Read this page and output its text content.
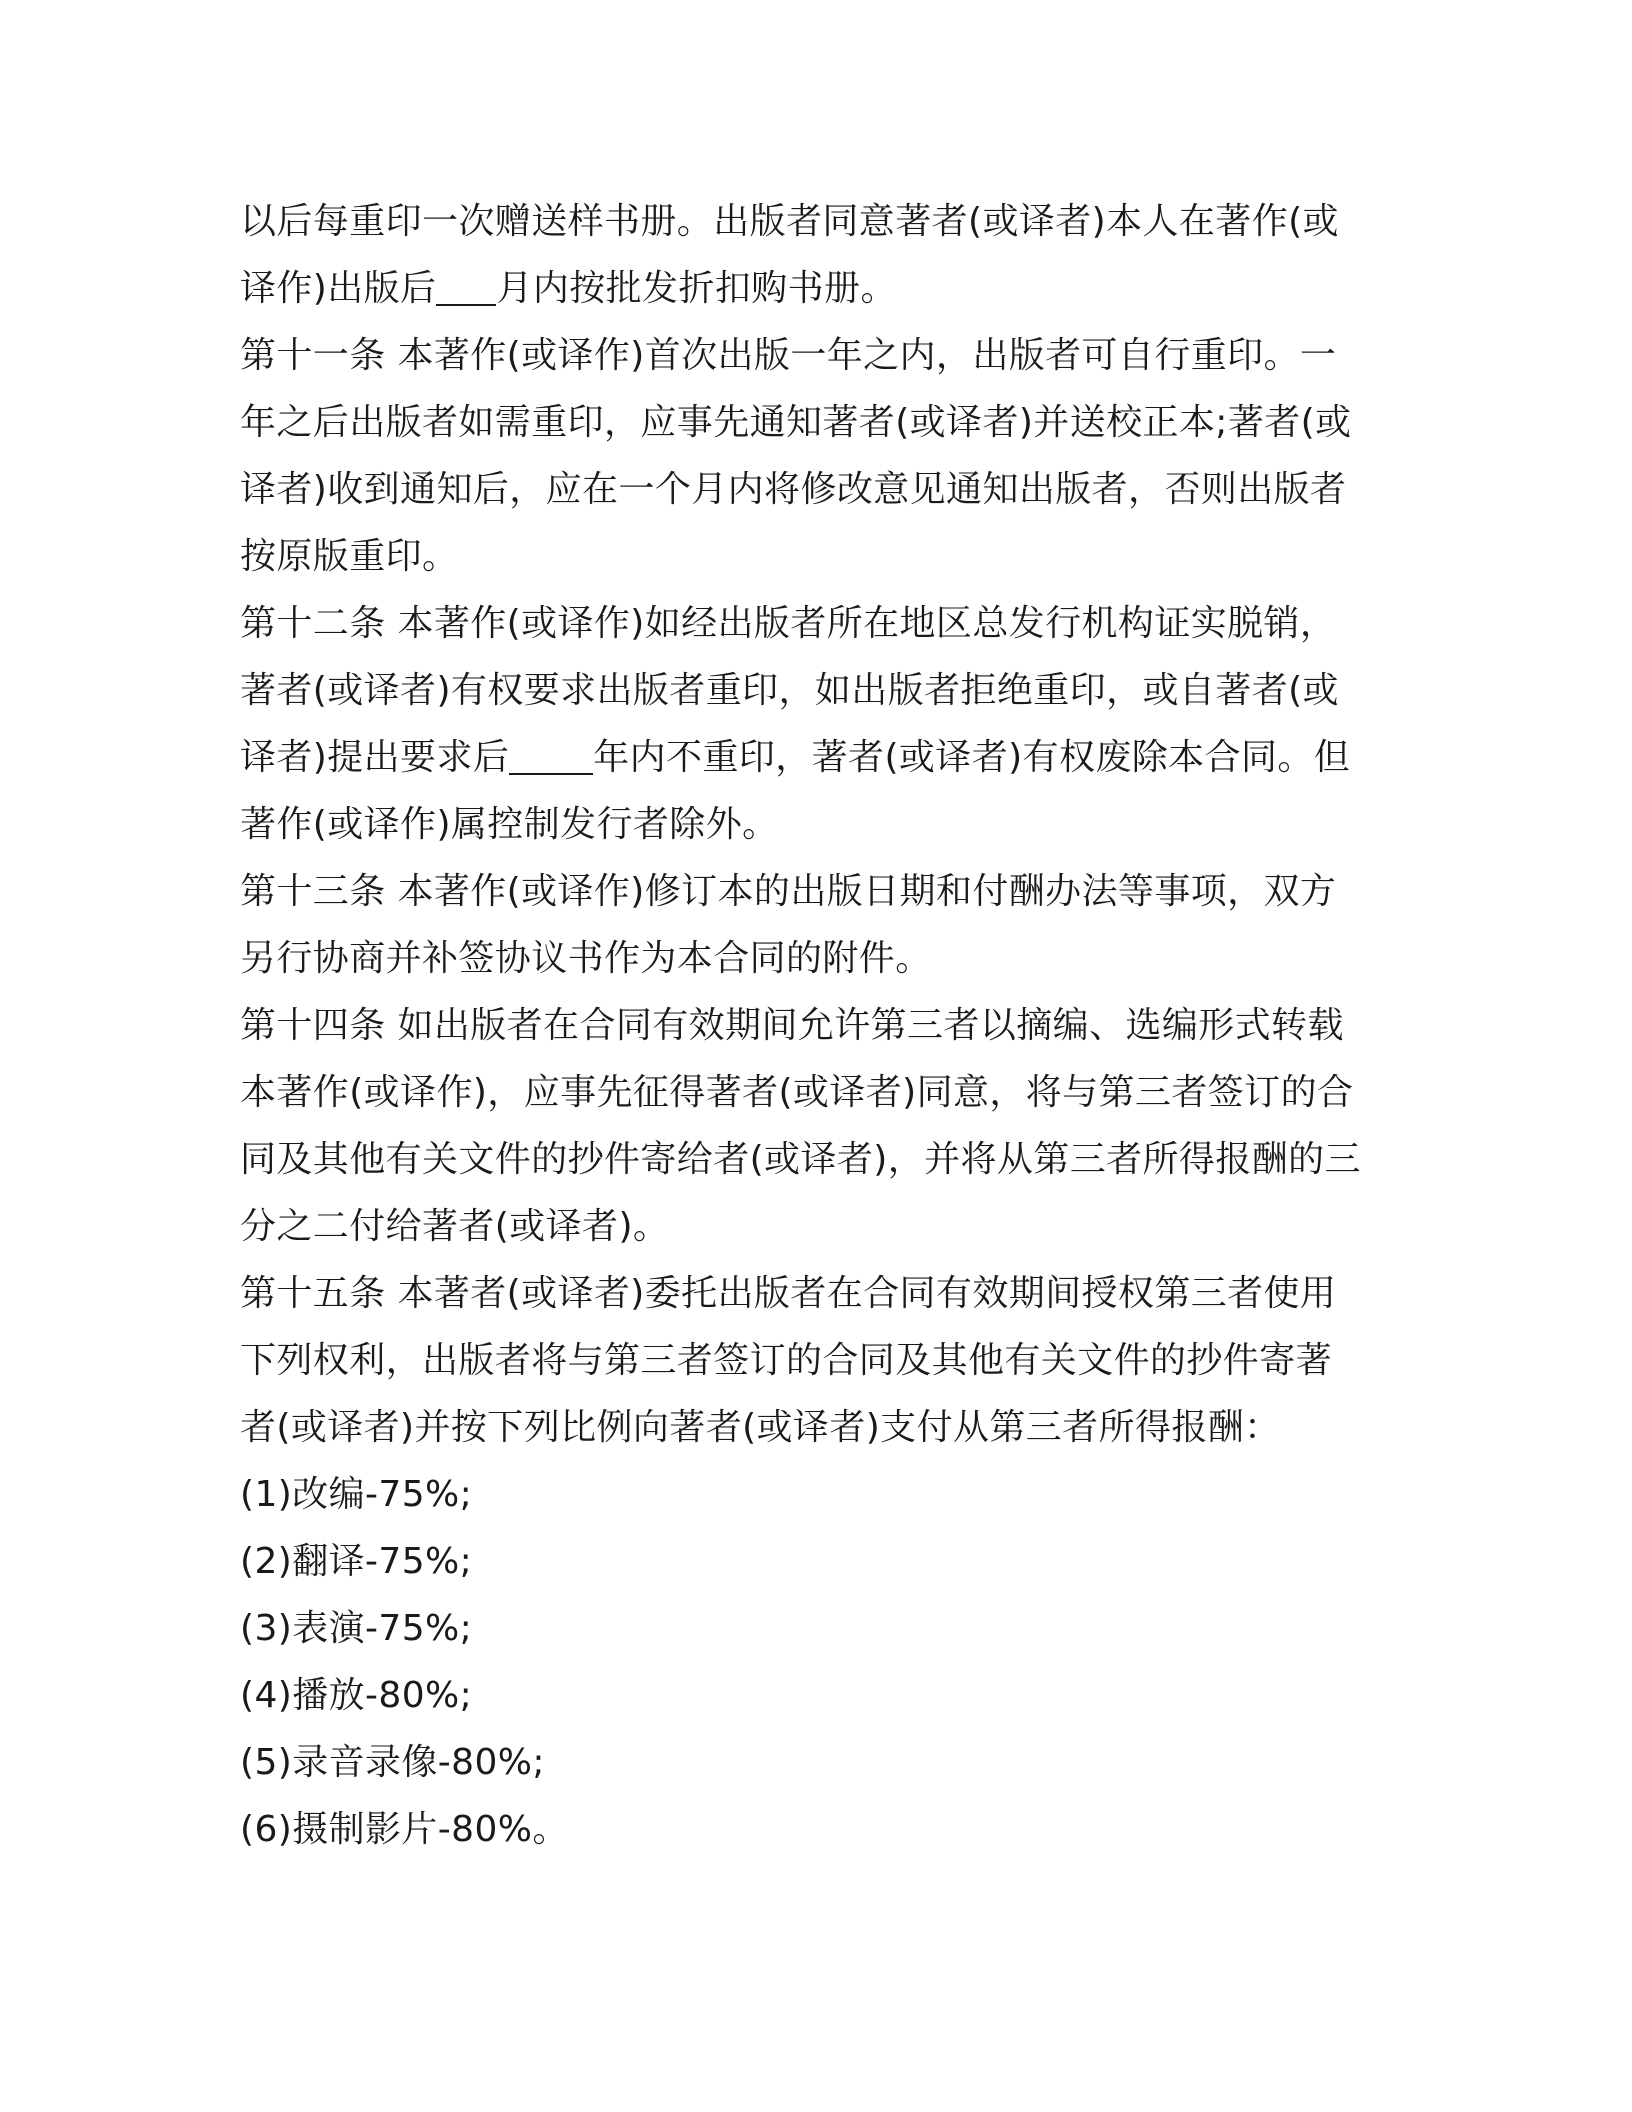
以后每重印一次赠送样书册。出版者同意著者(或译者)本人在著作(或
译作)出版后 月内按批发折扣购书册。
第十一条 本著作(或译作)首次出版一年之内，出版者可自行重印。一
年之后出版者如需重印，应事先通知著者(或译者)并送校正本;著者(或
译者)收到通知后，应在一个月内将修改意见通知出版者，否则出版者
按原版重印。
第十二条 本著作(或译作)如经出版者所在地区总发行机构证实脱销，
著者(或译者)有权要求出版者重印，如出版者拒绝重印，或自著者(或
译者)提出要求后 年内不重印，著者(或译者)有权废除本合同。但
著作(或译作)属控制发行者除外。
第十三条 本著作(或译作)修订本的出版日期和付酬办法等事项，双方
另行协商并补签协议书作为本合同的附件。
第十四条 如出版者在合同有效期间允许第三者以摘编、选编形式转载
本著作(或译作)，应事先征得著者(或译者)同意，将与第三者签订的合
同及其他有关文件的抄件寄给者(或译者)，并将从第三者所得报酬的三
分之二付给著者(或译者)。
第十五条 本著者(或译者)委托出版者在合同有效期间授权第三者使用
下列权利，出版者将与第三者签订的合同及其他有关文件的抄件寄著
者(或译者)并按下列比例向著者(或译者)支付从第三者所得报酬：
(1)改编-75%;
(2)翻译-75%;
(3)表演-75%;
(4)播放-80%;
(5)录音录像-80%;
(6)摄制影片-80%。
